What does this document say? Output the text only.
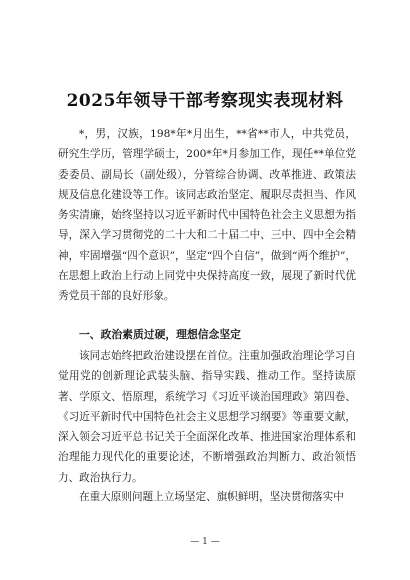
2025年领导干部考察现实表现材料

*，男，汉族，198*年*月出生，**省**市人，中共党员，研究生学历，管理学硕士，200*年*月参加工作，现任**单位党委委员、副局长（副处级），分管综合协调、改革推进、政策法规及信息化建设等工作。该同志政治坚定、履职尽责担当、作风务实清廉，始终坚持以习近平新时代中国特色社会主义思想为指导，深入学习贯彻党的二十大和二十届二中、三中、四中全会精神，牢固增强“四个意识”，坚定“四个自信”，做到“两个维护”，在思想上政治上行动上同党中央保持高度一致，展现了新时代优秀党员干部的良好形象。

一、政治素质过硬，理想信念坚定

该同志始终把政治建设摆在首位。注重加强政治理论学习自觉用党的创新理论武装头脑、指导实践、推动工作。坚持读原著、学原文、悟原理，系统学习《习近平谈治国理政》第四卷、《习近平新时代中国特色社会主义思想学习纲要》等重要文献，深入领会习近平总书记关于全面深化改革、推进国家治理体系和治理能力现代化的重要论述，不断增强政治判断力、政治领悟力、政治执行力。

在重大原则问题上立场坚定、旗帜鲜明，坚决贯彻落实中

— 1 —
